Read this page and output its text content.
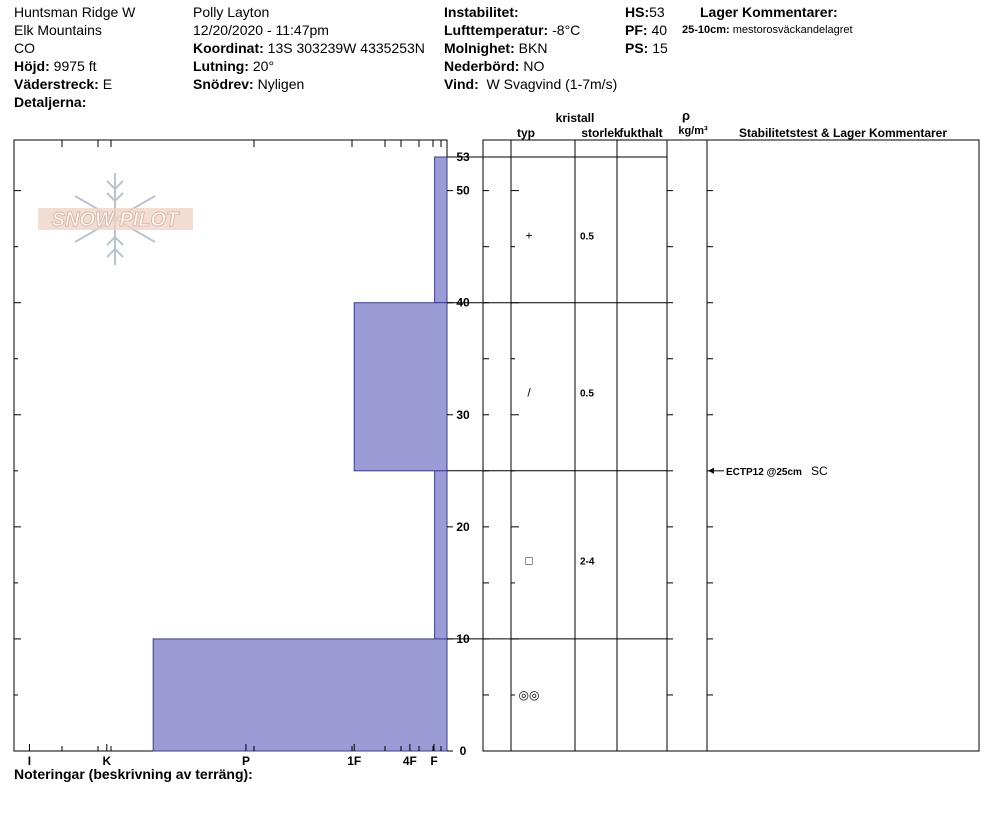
Huntsman Ridge W
Elk Mountains
CO
Höjd: 9975 ft
Väderstreck: E
Detaljerna:
Polly Layton
12/20/2020 - 11:47pm
Koordinat: 13S 303239W 4335253N
Lutning: 20°
Snödrev: Nyligen
Instabilitet:
Lufttemperatur: -8°C
Molnighet: BKN
Nederbörd: NO
Vind: W Svagvind (1-7m/s)
HS:53
PF: 40
PS: 15
Lager Kommentarer:
25-10cm: mestorosväckandelagret
Noteringar (beskrivning av terräng):
SNOW PILOT
0
10
20
30
40
50
53
I	K	P	1F	4F F
+	0.5
/	0.5
□	2-4
◎◎
kristall
typ	storlek
fukthalt
ρ
kg/m³	Stabilitetstest & Lager Kommentarer
ECTP12 @25cm SC
